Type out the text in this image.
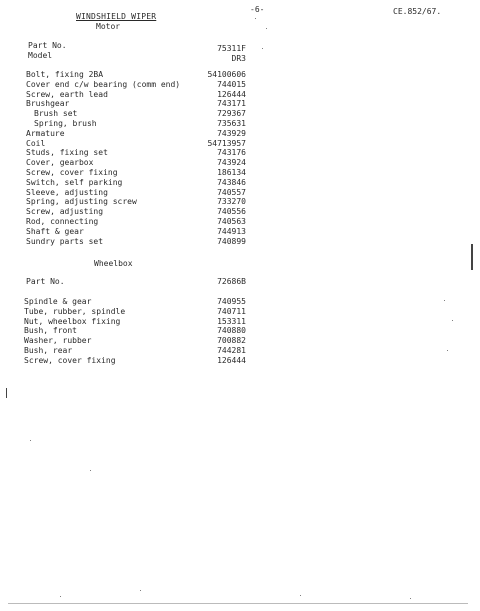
WINDSHIELD WIPER
Motor
-6-	CE.852/67.
Part No.	75311F
Model	DR3
Bolt, fixing 2BA	54100606
Cover end c/w bearing (comm end)	744015
Screw, earth lead	126444
Brushgear	743171
Brush set	729367
Spring, brush	735631
Armature	743929
Coil	54713957
Studs, fixing set	743176
Cover, gearbox	743924
Screw, cover fixing	186134
Switch, self parking	743846
Sleeve, adjusting	740557
Spring, adjusting screw	733270
Screw, adjusting	740556
Rod, connecting	740563
Shaft & gear	744913
Sundry parts set	740899
Wheelbox
Part No.	72686B
Spindle & gear	740955
Tube, rubber, spindle	740711
Nut, wheelbox fixing	153311
Bush, front	740880
Washer, rubber	700882
Bush, rear	744281
Screw, cover fixing	126444
